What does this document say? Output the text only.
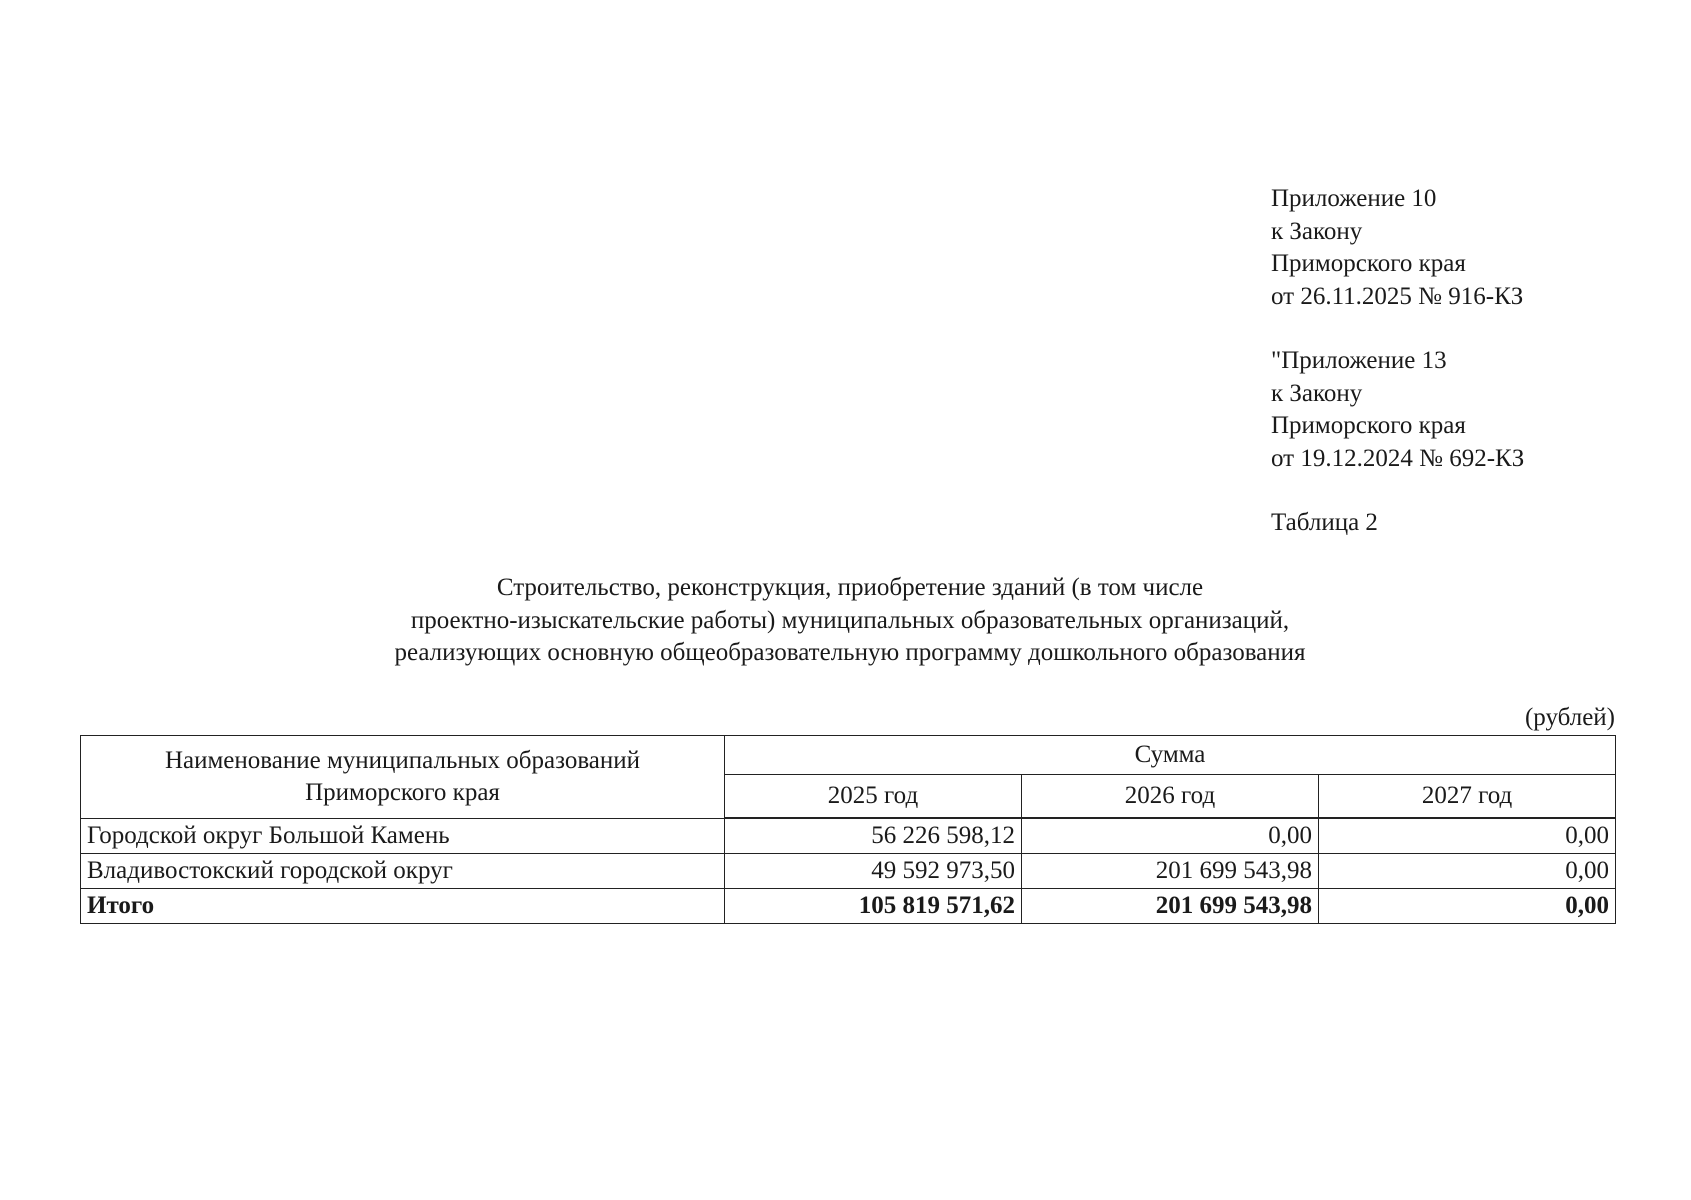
Приложение 10
к Закону
Приморского края
от 26.11.2025 № 916-КЗ
"Приложение 13
к Закону
Приморского края
от 19.12.2024 № 692-КЗ
Таблица 2
Строительство, реконструкция, приобретение зданий (в том числе
проектно-изыскательские работы) муниципальных образовательных организаций,
реализующих основную общеобразовательную программу дошкольного образования
(рублей)
Наименование муниципальных образований
Приморского края	Сумма		
	2025 год	2026 год	2027 год
Городской округ Большой Камень	56 226 598,12	0,00	0,00
Владивостокский городской округ	49 592 973,50	201 699 543,98	0,00
Итого	105 819 571,62	201 699 543,98	0,00
